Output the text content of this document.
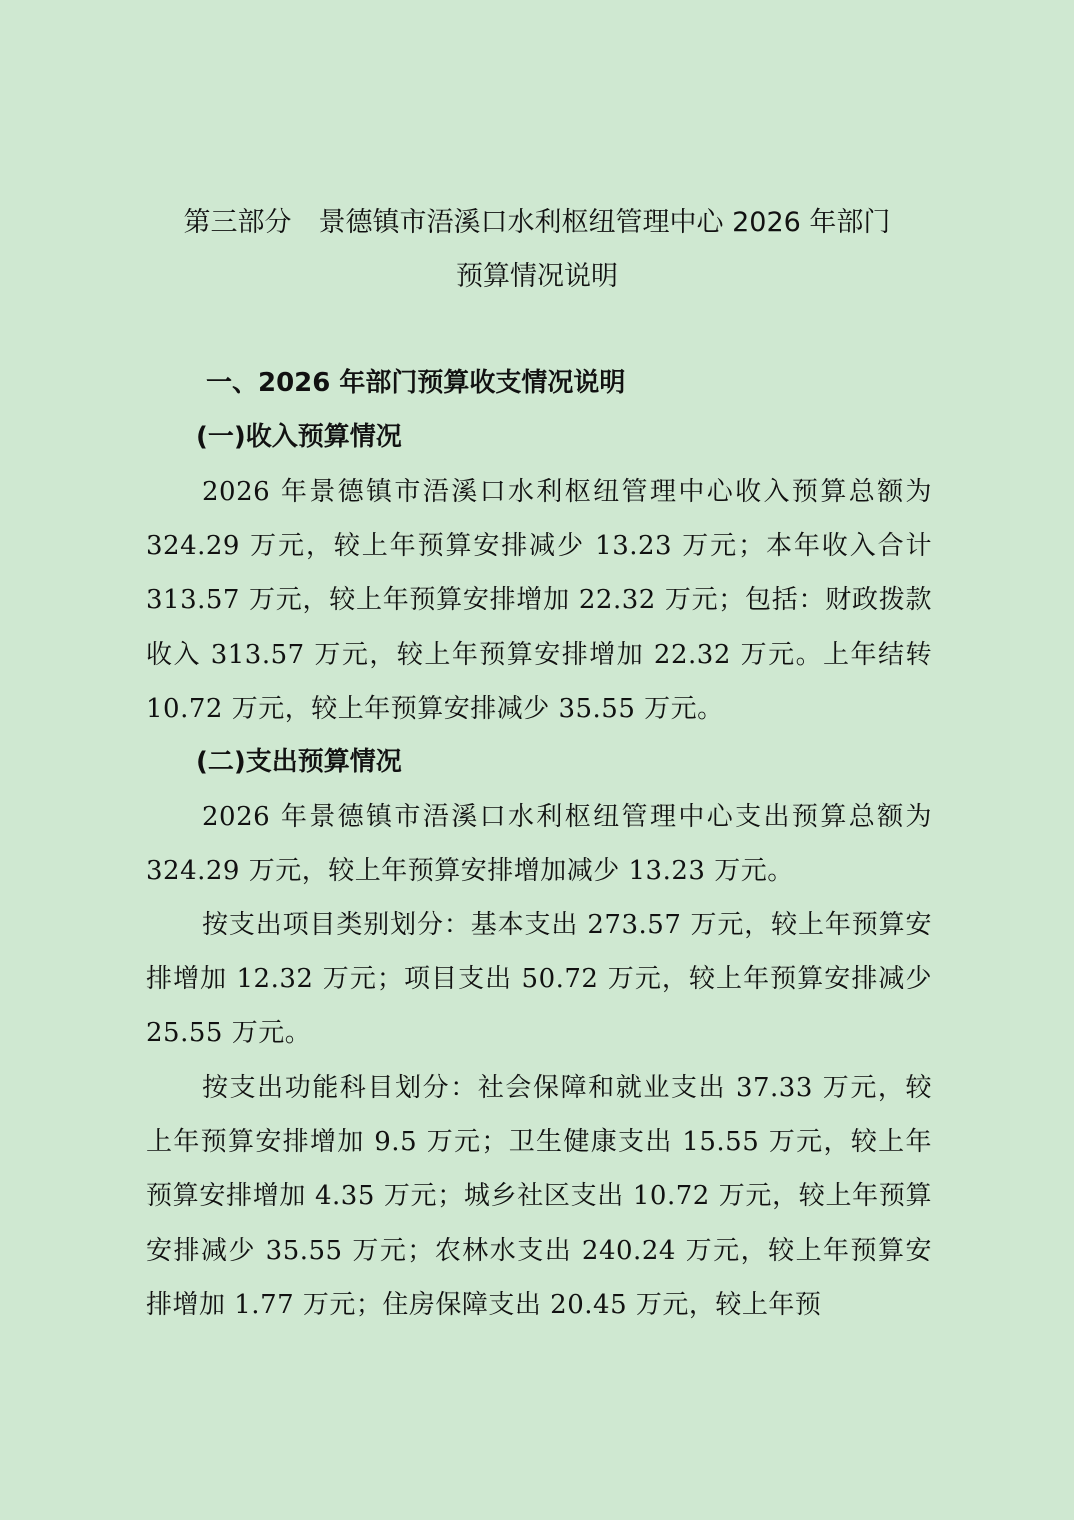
第三部分　景德镇市浯溪口水利枢纽管理中心 2026 年部门
预算情况说明
一、2026 年部门预算收支情况说明
(一)收入预算情况
2026 年景德镇市浯溪口水利枢纽管理中心收入预算总额为 324.29 万元，较上年预算安排减少 13.23 万元；本年收入合计 313.57 万元，较上年预算安排增加 22.32 万元；包括：财政拨款收入 313.57 万元，较上年预算安排增加 22.32 万元。上年结转 10.72 万元，较上年预算安排减少 35.55 万元。
(二)支出预算情况
2026 年景德镇市浯溪口水利枢纽管理中心支出预算总额为 324.29 万元，较上年预算安排增加减少 13.23 万元。
按支出项目类别划分：基本支出 273.57 万元，较上年预算安排增加 12.32 万元；项目支出 50.72 万元，较上年预算安排减少 25.55 万元。
按支出功能科目划分：社会保障和就业支出 37.33 万元，较上年预算安排增加 9.5 万元；卫生健康支出 15.55 万元，较上年预算安排增加 4.35 万元；城乡社区支出 10.72 万元，较上年预算安排减少 35.55 万元；农林水支出 240.24 万元，较上年预算安排增加 1.77 万元；住房保障支出 20.45 万元，较上年预
